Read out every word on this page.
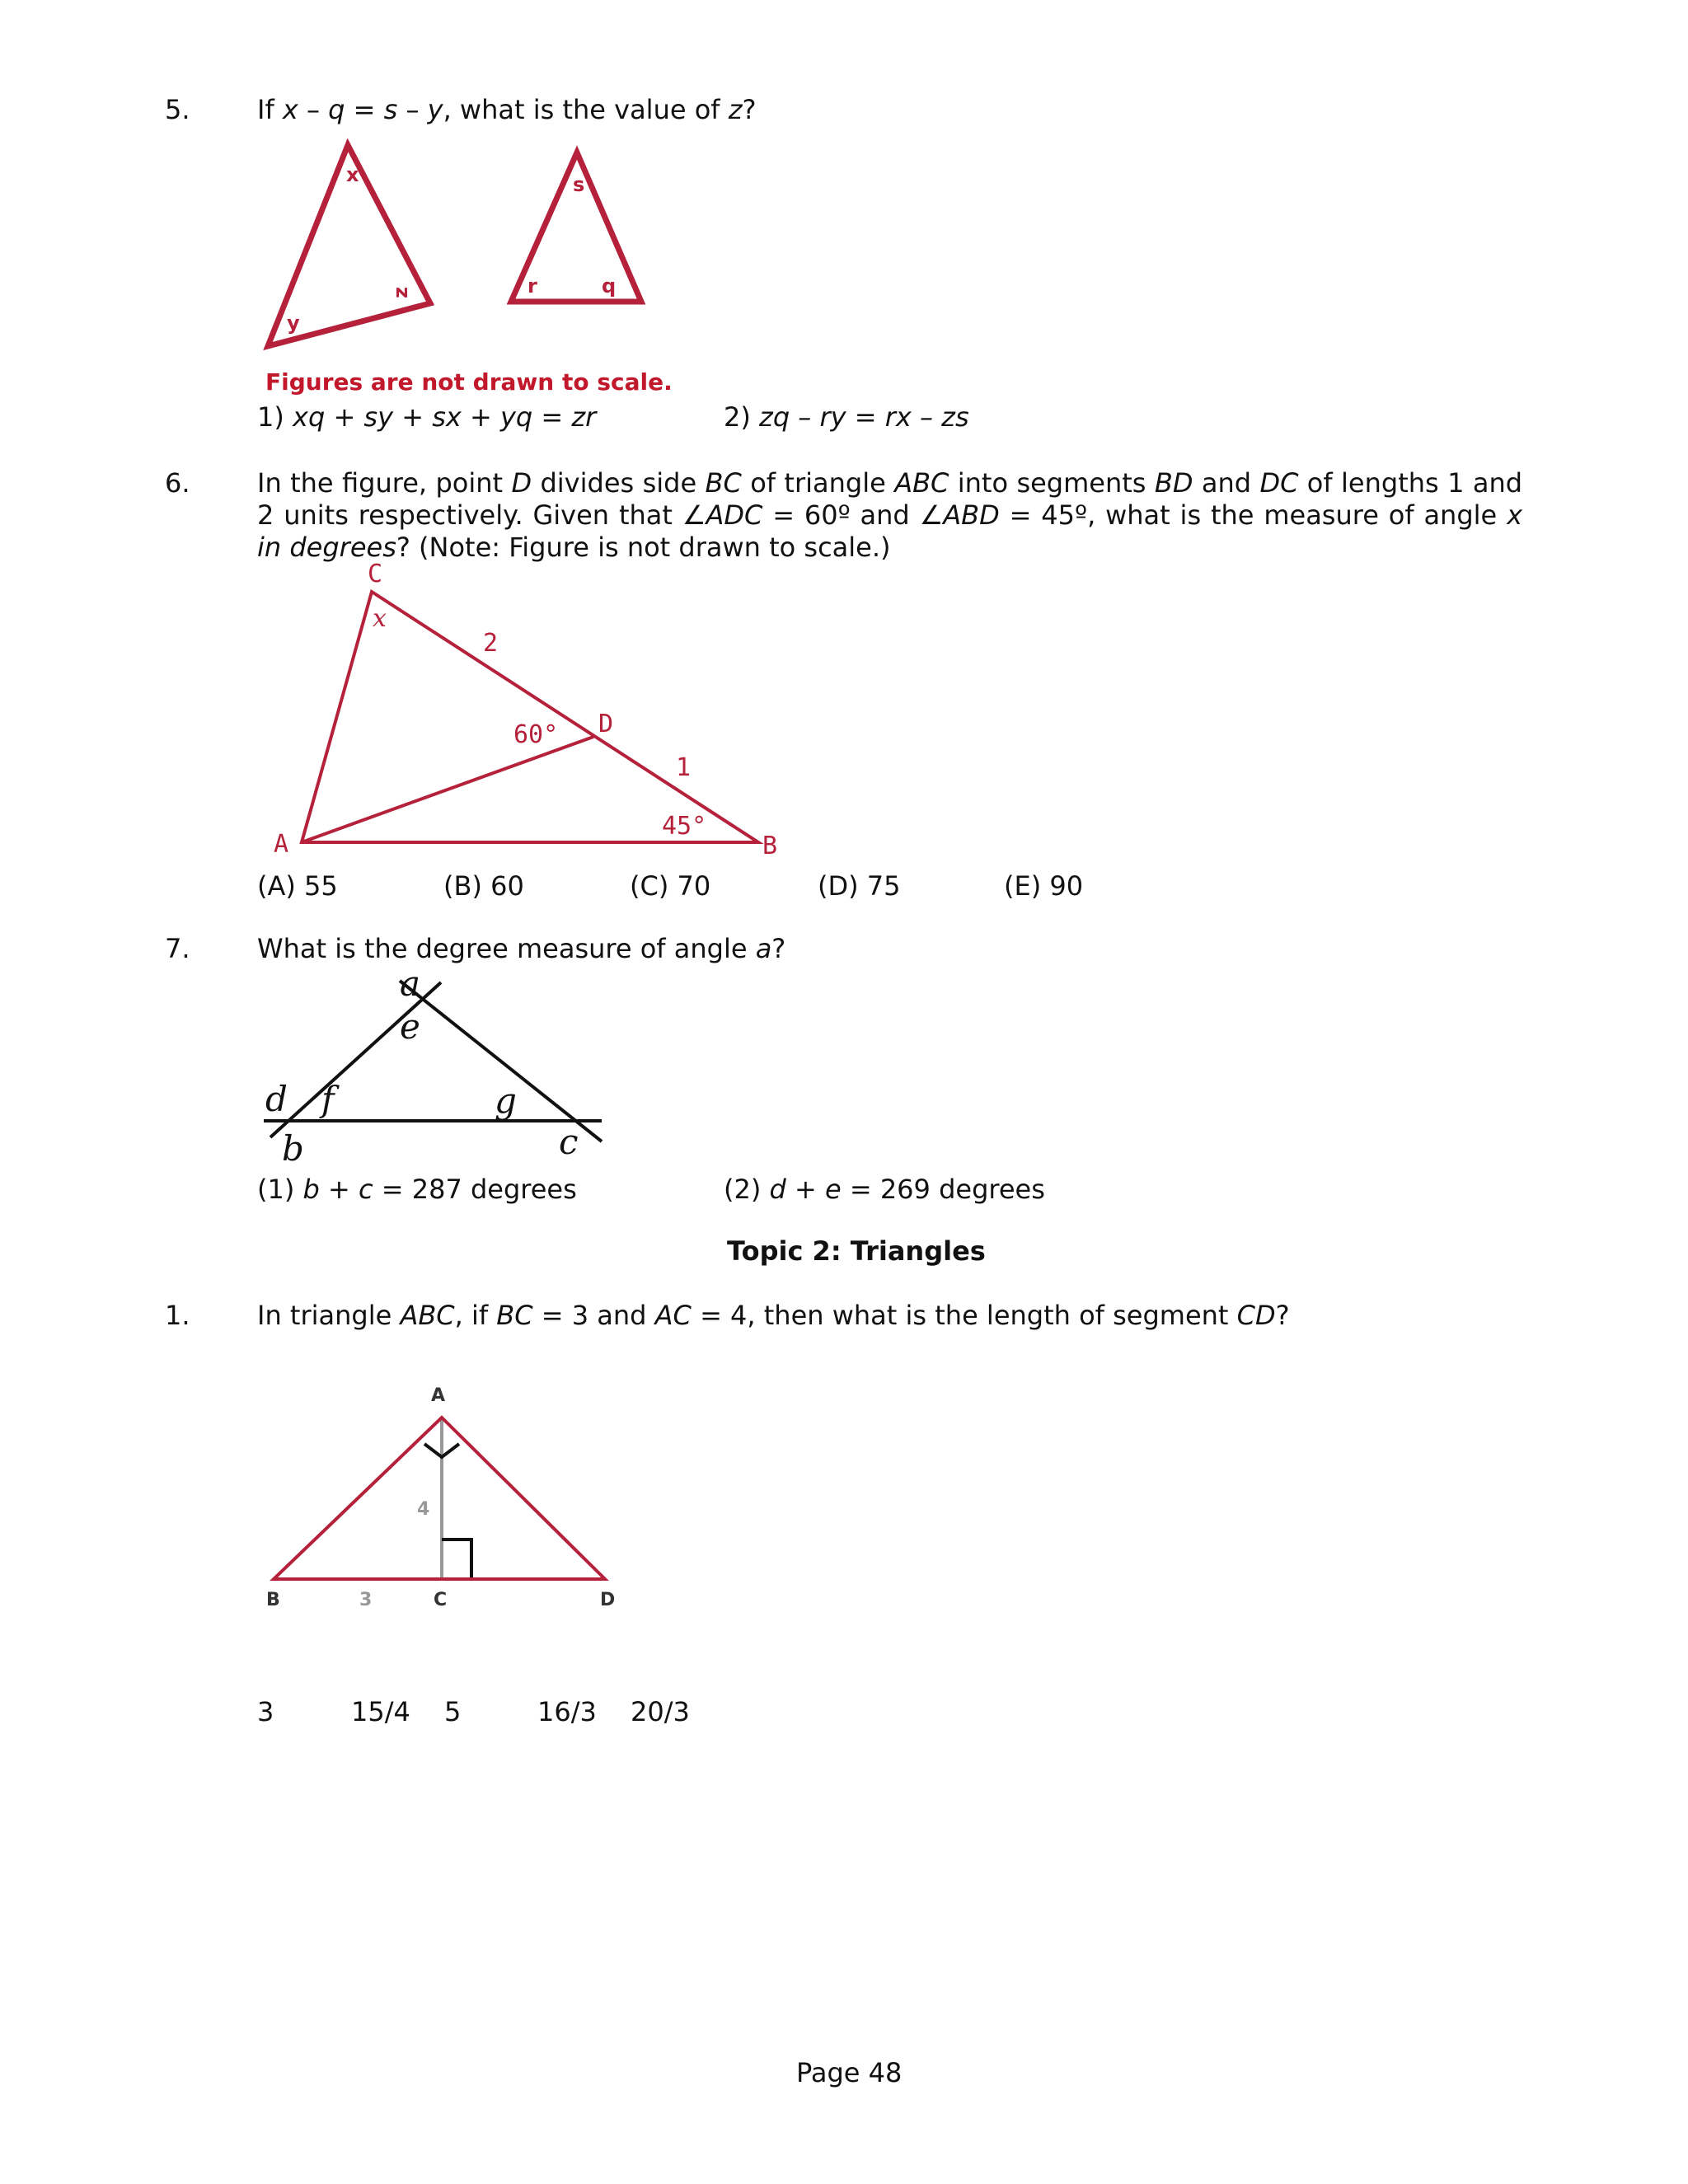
5.	If x – q = s – y, what is the value of z?
x
y
z
s
r	q
Figures are not drawn to scale.
1) xq + sy + sx + yq = zr	2) zq – ry = rx – zs
6.	In the figure, point D divides side BC of triangle ABC into segments BD and DC of lengths 1 and 2 units respectively. Given that ∠ADC = 60º and ∠ABD = 45º, what is the measure of angle x in degrees? (Note: Figure is not drawn to scale.)
C
x
2
60° D
1
45°
A	B
(A) 55	(B) 60	(C) 70	(D) 75	(E) 90
7.	What is the degree measure of angle a?
a
e
d f	g
b	c
(1) b + c = 287 degrees	(2) d + e = 269 degrees
Topic 2: Triangles
1.	In triangle ABC, if BC = 3 and AC = 4, then what is the length of segment CD?
A
4
B	3	C	D
3	15/4 5	16/3 20/3
Page 48
